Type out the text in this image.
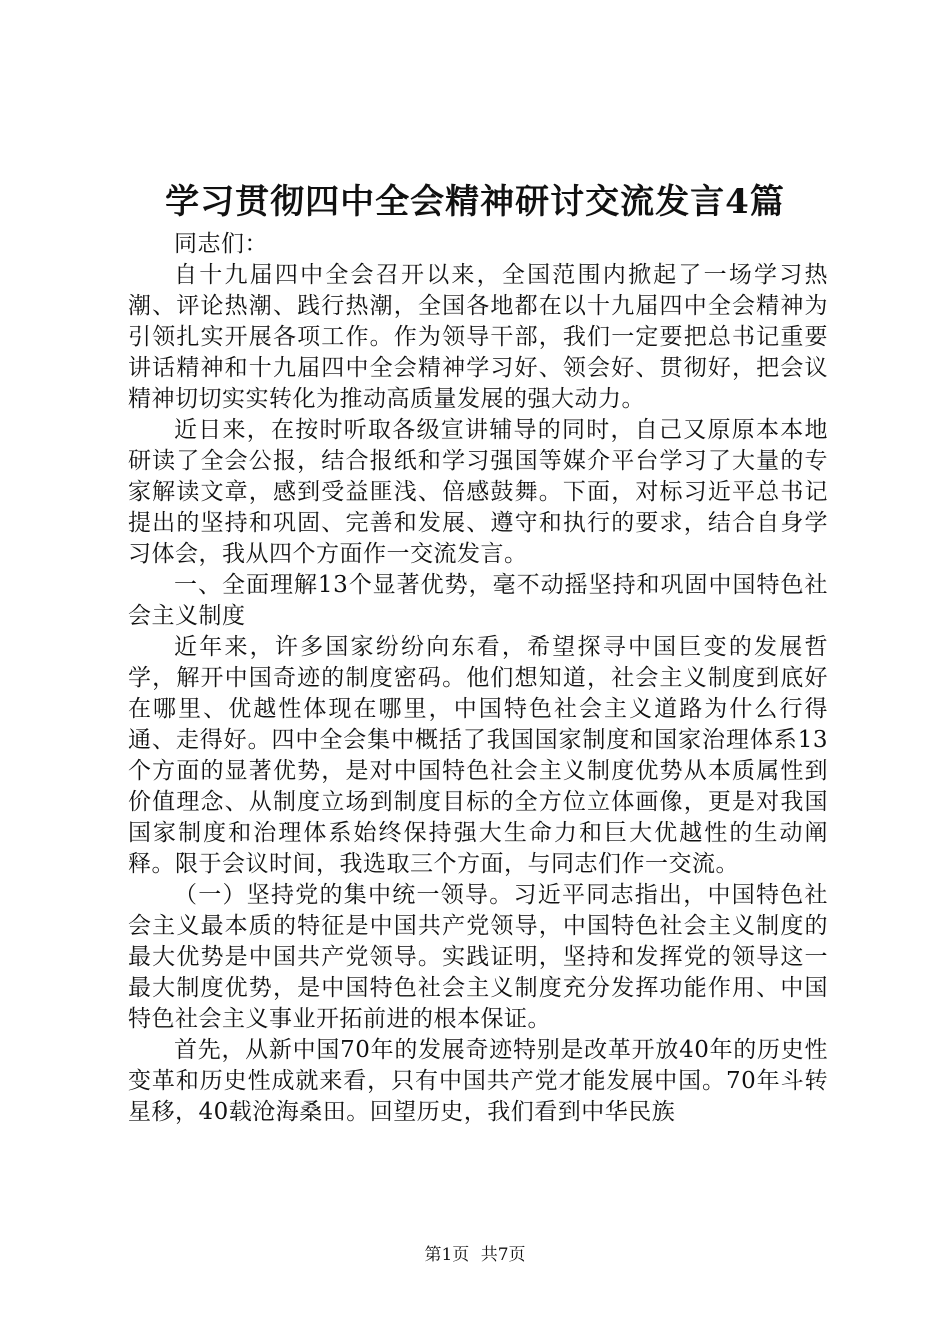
学习贯彻四中全会精神研讨交流发言4篇

同志们：

自十九届四中全会召开以来，全国范围内掀起了一场学习热潮、评论热潮、践行热潮，全国各地都在以十九届四中全会精神为引领扎实开展各项工作。作为领导干部，我们一定要把总书记重要讲话精神和十九届四中全会精神学习好、领会好、贯彻好，把会议精神切切实实转化为推动高质量发展的强大动力。

近日来，在按时听取各级宣讲辅导的同时，自己又原原本本地研读了全会公报，结合报纸和学习强国等媒介平台学习了大量的专家解读文章，感到受益匪浅、倍感鼓舞。下面，对标习近平总书记提出的坚持和巩固、完善和发展、遵守和执行的要求，结合自身学习体会，我从四个方面作一交流发言。

一、全面理解13个显著优势，毫不动摇坚持和巩固中国特色社会主义制度

近年来，许多国家纷纷向东看，希望探寻中国巨变的发展哲学，解开中国奇迹的制度密码。他们想知道，社会主义制度到底好在哪里、优越性体现在哪里，中国特色社会主义道路为什么行得通、走得好。四中全会集中概括了我国国家制度和国家治理体系13个方面的显著优势，是对中国特色社会主义制度优势从本质属性到价值理念、从制度立场到制度目标的全方位立体画像，更是对我国国家制度和治理体系始终保持强大生命力和巨大优越性的生动阐释。限于会议时间，我选取三个方面，与同志们作一交流。

（一）坚持党的集中统一领导。习近平同志指出，中国特色社会主义最本质的特征是中国共产党领导，中国特色社会主义制度的最大优势是中国共产党领导。实践证明，坚持和发挥党的领导这一最大制度优势，是中国特色社会主义制度充分发挥功能作用、中国特色社会主义事业开拓前进的根本保证。

首先，从新中国70年的发展奇迹特别是改革开放40年的历史性变革和历史性成就来看，只有中国共产党才能发展中国。70年斗转星移，40载沧海桑田。回望历史，我们看到中华民族

第1页 共7页
